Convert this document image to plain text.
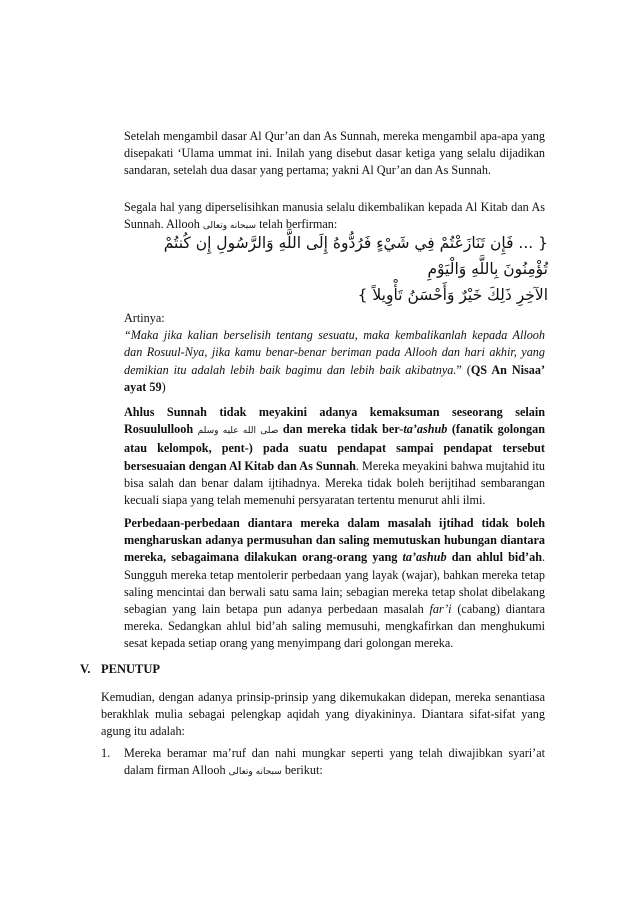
Setelah mengambil dasar Al Qur’an dan As Sunnah, mereka mengambil apa-apa yang disepakati ‘Ulama ummat ini. Inilah yang disebut dasar ketiga yang selalu dijadikan sandaran, setelah dua dasar yang pertama; yakni Al Qur’an dan As Sunnah.

Segala hal yang diperselisihkan manusia selalu dikembalikan kepada Al Kitab dan As Sunnah. Allooh سبحانه وتعالى telah berfirman:

{ ... فَإِن تَنَازَعْتُمْ فِي شَيْءٍ فَرُدُّوهُ إِلَى اللَّهِ وَالرَّسُولِ إِن كُنتُمْ تُؤْمِنُونَ بِاللَّهِ وَالْيَوْمِ
الآخِرِ ذَلِكَ خَيْرٌ وَأَحْسَنُ تَأْوِيلاً }

Artinya:

“Maka jika kalian berselisih tentang sesuatu, maka kembalikanlah kepada Allooh dan Rosuul-Nya, jika kamu benar-benar beriman pada Allooh dan hari akhir, yang demikian itu adalah lebih baik bagimu dan lebih baik akibatnya.” (QS An Nisaa’ ayat 59)

Ahlus Sunnah tidak meyakini adanya kemaksuman seseorang selain Rosuulullooh صلى الله عليه وسلم dan mereka tidak ber-ta’ashub (fanatik golongan atau kelompok, pent-) pada suatu pendapat sampai pendapat tersebut bersesuaian dengan Al Kitab dan As Sunnah. Mereka meyakini bahwa mujtahid itu bisa salah dan benar dalam ijtihadnya. Mereka tidak boleh berijtihad sembarangan kecuali siapa yang telah memenuhi persyaratan tertentu menurut ahli ilmi.

Perbedaan-perbedaan diantara mereka dalam masalah ijtihad tidak boleh mengharuskan adanya permusuhan dan saling memutuskan hubungan diantara mereka, sebagaimana dilakukan orang-orang yang ta’ashub dan ahlul bid’ah. Sungguh mereka tetap mentolerir perbedaan yang layak (wajar), bahkan mereka tetap saling mencintai dan berwali satu sama lain; sebagian mereka tetap sholat dibelakang sebagian yang lain betapa pun adanya perbedaan masalah far’i (cabang) diantara mereka. Sedangkan ahlul bid’ah saling memusuhi, mengkafirkan dan menghukumi sesat kepada setiap orang yang menyimpang dari golongan mereka.

V. PENUTUP

Kemudian, dengan adanya prinsip-prinsip yang dikemukakan didepan, mereka senantiasa berakhlak mulia sebagai pelengkap aqidah yang diyakininya. Diantara sifat-sifat yang agung itu adalah:

1. Mereka beramar ma’ruf dan nahi mungkar seperti yang telah diwajibkan syari’at dalam firman Allooh سبحانه وتعالى berikut:
